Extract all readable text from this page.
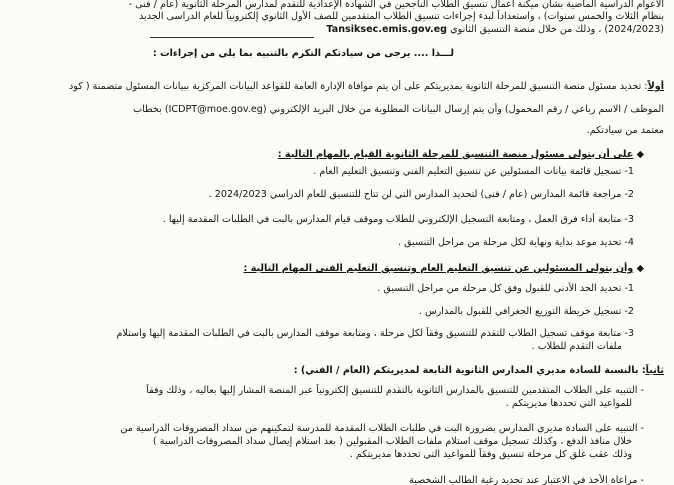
الأعوام الدراسية الماضية بشأن ميكنة أعمال تنسيق الطلاب الناجحين في الشهادة الإعدادية للتقدم لمدارس المرحلة الثانوية (عام / فنى -
بنظام الثلاث والخمس سنوات) ، واستعداداً لبدء إجراءات تنسيق الطلاب المتقدمين للصف الأول الثانوي إلكترونياً للعام الدراسى الجديد
(2024/2023) ، وذلك من خلال منصة التنسيق الثانوي Tansiksec.emis.gov.eg
لـــذا .... يرجى من سيادتكم التكرم بالتنبيه بما يلي من إجراءات :
أولاً: تحديد مسئول منصة التنسيق للمرحلة الثانوية بمديريتكم على أن يتم موافاة الإدارة العامة للقواعد البيانات المركزية ببيانات المسئول متضمنة ( كود
الموظف / الاسم رباعي / رقم المحمول) وأن يتم إرسال البيانات المطلوبة من خلال البريد الإلكتروني (ICDPT@moe.gov.eg) بخطاب
معتمد من سيادتكم.
◆ على أن يتولى مسئول منصة التنسيق للمرحلة الثانوية القيام بالمهام التالية :
1- تسجيل قائمة بيانات المسئولين عن تنسيق التعليم الفني وتنسيق التعليم العام .
2- مراجعة قائمة المدارس (عام / فنى) لتحديد المدارس التي لن تتاح للتنسيق للعام الدراسي 2024/2023 .
3- متابعة أداء فرق العمل ، ومتابعة التسجيل الإلكتروني للطلاب وموقف قيام المدارس بالبت في الطلبات المقدمة إليها .
4- تحديد موعد بداية ونهاية لكل مرحلة من مراحل التنسيق .
◆ وأن يتولى المسئولين عن تنسيق التعليم العام وتنسيق التعليم الفني المهام التالية :
1- تحديد الحد الأدنى للقبول وفق كل مرحلة من مراحل التنسيق .
2- تسجيل خريطة التوزيع الجغرافي للقبول بالمدارس .
3- متابعة موقف تسجيل الطلاب للتقدم للتنسيق وفقاً لكل مرحلة ، ومتابعة موقف المدارس بالبت في الطلبات المقدمة إليها واستلام
ملفات التقدم للطلاب .
ثانياً: بالنسبة للسادة مديري المدارس الثانوية التابعة لمديريتكم (العام / الفني) :
- التنبيه على الطلاب المتقدمين للتنسيق بالمدارس الثانوية بالتقدم للتنسيق إلكترونياً عبر المنصة المشار إليها بعاليه ، وذلك وفقاً
للمواعيد التي تحددها مديريتكم .
- التنبيه على السادة مديري المدارس بضرورة البت في طلبات الطلاب المقدمة للمدرسة لتمكينهم من سداد المصروفات الدراسية من
خلال منافذ الدفع ، وكذلك تسجيل موقف استلام ملفات الطلاب المقبولين ( بعد استلام إيصال سداد المصروفات الدراسية )
وذلك عقب غلق كل مرحلة تنسيق وفقاً للمواعيد التي تحددها مديريتكم .
- مراعاة الأخذ في الاعتبار عند تحديد رغبة الطالب الشخصية
